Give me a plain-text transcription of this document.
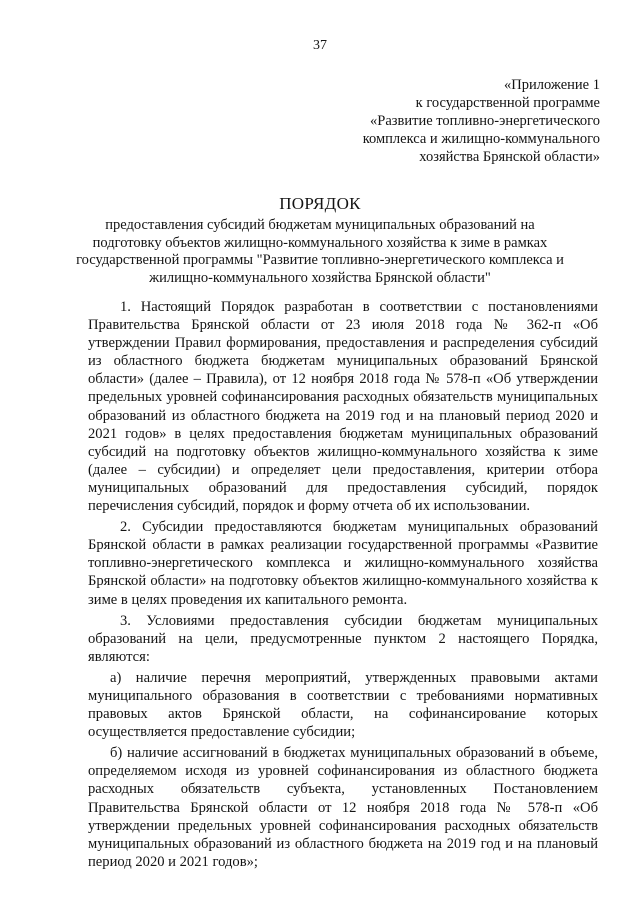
37
«Приложение 1
к государственной программе
«Развитие топливно-энергетического
комплекса и жилищно-коммунального
хозяйства Брянской области»
ПОРЯДОК
предоставления субсидий бюджетам муниципальных образований на
подготовку объектов жилищно-коммунального хозяйства к зиме в рамках
государственной программы "Развитие топливно-энергетического комплекса и
жилищно-коммунального хозяйства Брянской области"

1. Настоящий Порядок разработан в соответствии с постановлениями Правительства Брянской области от 23 июля 2018 года № 362-п «Об утверждении Правил формирования, предоставления и распределения субсидий из областного бюджета бюджетам муниципальных образований Брянской области» (далее – Правила), от 12 ноября 2018 года № 578-п «Об утверждении предельных уровней софинансирования расходных обязательств муниципальных образований из областного бюджета на 2019 год и на плановый период 2020 и 2021 годов» в целях предоставления бюджетам муниципальных образований субсидий на подготовку объектов жилищно-коммунального хозяйства к зиме (далее – субсидии) и определяет цели предоставления, критерии отбора муниципальных образований для предоставления субсидий, порядок перечисления субсидий, порядок и форму отчета об их использовании.

2. Субсидии предоставляются бюджетам муниципальных образований Брянской области в рамках реализации государственной программы «Развитие топливно-энергетического комплекса и жилищно-коммунального хозяйства Брянской области» на подготовку объектов жилищно-коммунального хозяйства к зиме в целях проведения их капитального ремонта.

3. Условиями предоставления субсидии бюджетам муниципальных образований на цели, предусмотренные пунктом 2 настоящего Порядка, являются:

а) наличие перечня мероприятий, утвержденных правовыми актами муниципального образования в соответствии с требованиями нормативных правовых актов Брянской области, на софинансирование которых осуществляется предоставление субсидии;

б) наличие ассигнований в бюджетах муниципальных образований в объеме, определяемом исходя из уровней софинансирования из областного бюджета расходных обязательств субъекта, установленных Постановлением Правительства Брянской области от 12 ноября 2018 года № 578-п «Об утверждении предельных уровней софинансирования расходных обязательств муниципальных образований из областного бюджета на 2019 год и на плановый период 2020 и 2021 годов»;
